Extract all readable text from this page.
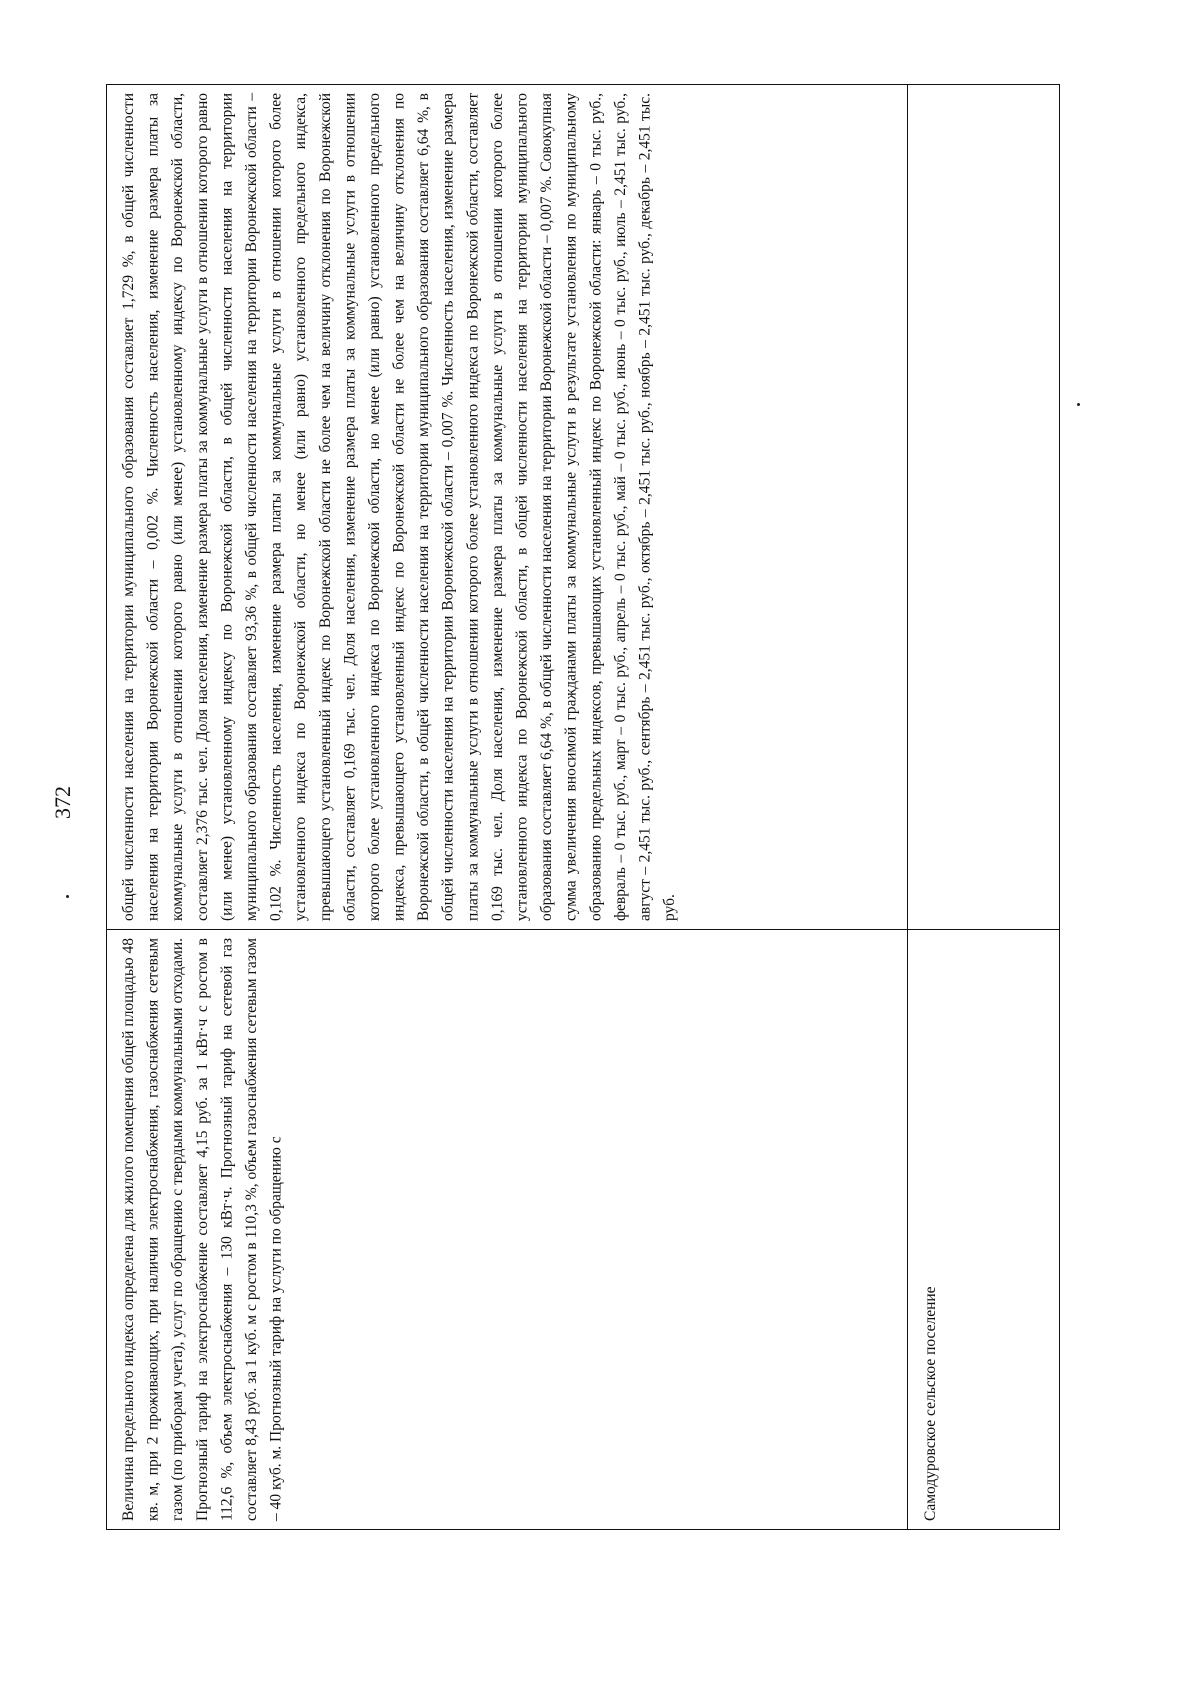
372	общей численности населения на территории муниципального образования составляет 1,729 %, в общей численности населения на территории Воронежской области – 0,002 %. Численность населения, изменение размера платы за коммунальные услуги в отношении которого равно (или менее) установленному индексу по Воронежской области, составляет 2,376 тыс. чел. Доля населения, изменение размера платы за коммунальные услуги в отношении которого равно (или менее) установленному индексу по Воронежской области, в общей численности населения на территории муниципального образования составляет 93,36 %, в общей численности населения на территории Воронежской области – 0,102 %. Численность населения, изменение размера платы за коммунальные услуги в отношении которого более установленного индекса по Воронежской области, но менее (или равно) установленного предельного индекса, превышающего установленный индекс по Воронежской области не более чем на величину отклонения по Воронежской области, составляет 0,169 тыс. чел. Доля населения, изменение размера платы за коммунальные услуги в отношении которого более установленного индекса по Воронежской области, но менее (или равно) установленного предельного индекса, превышающего установленный индекс по Воронежской области не более чем на величину отклонения по Воронежской области, в общей численности населения на территории муниципального образования составляет 6,64 %, в общей численности населения на территории Воронежской области – 0,007 %. Численность населения, изменение размера платы за коммунальные услуги в отношении которого более установленного индекса по Воронежской области, составляет 0,169 тыс. чел. Доля населения, изменение размера платы за коммунальные услуги в отношении которого более установленного индекса по Воронежской области, в общей численности населения на территории муниципального образования составляет 6,64 %, в общей численности населения на территории Воронежской области – 0,007 %. Совокупная сумма увеличения вносимой гражданами платы за коммунальные услуги в результате установления по муниципальному образованию предельных индексов, превышающих установленный индекс по Воронежской области: январь – 0 тыс. руб., февраль – 0 тыс. руб., март – 0 тыс. руб., апрель – 0 тыс. руб., май – 0 тыс. руб., июнь – 0 тыс. руб., июль – 2,451 тыс. руб., август – 2,451 тыс. руб., сентябрь – 2,451 тыс. руб., октябрь – 2,451 тыс. руб., ноябрь – 2,451 тыс. руб., декабрь – 2,451 тыс. руб.
Самодуровское сельское поселение
Величина предельного индекса определена для жилого помещения общей площадью 48 кв. м, при 2 проживающих, при наличии электроснабжения, газоснабжения сетевым газом (по приборам учета), услуг по обращению с твердыми коммунальными отходами. Прогнозный тариф на электроснабжение составляет 4,15 руб. за 1 кВт·ч с ростом в 112,6 %, объем электроснабжения – 130 кВт·ч. Прогнозный тариф на сетевой газ составляет 8,43 руб. за 1 куб. м с ростом в 110,3 %, объем газоснабжения сетевым газом – 40 куб. м. Прогнозный тариф на услуги по обращению с
